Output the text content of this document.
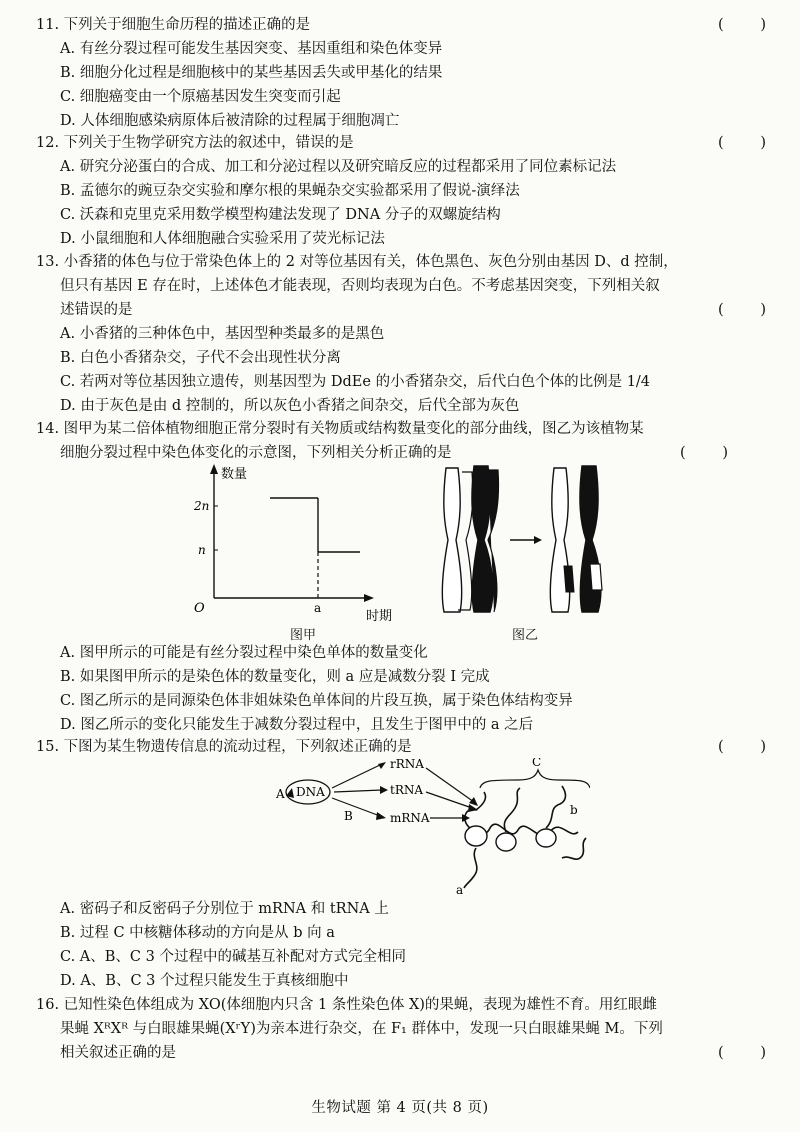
11. 下列关于细胞生命历程的描述正确的是
( )
A. 有丝分裂过程可能发生基因突变、基因重组和染色体变异
B. 细胞分化过程是细胞核中的某些基因丢失或甲基化的结果
C. 细胞癌变由一个原癌基因发生突变而引起
D. 人体细胞感染病原体后被清除的过程属于细胞凋亡
12. 下列关于生物学研究方法的叙述中，错误的是
( )
A. 研究分泌蛋白的合成、加工和分泌过程以及研究暗反应的过程都采用了同位素标记法
B. 孟德尔的豌豆杂交实验和摩尔根的果蝇杂交实验都采用了假说-演绎法
C. 沃森和克里克采用数学模型构建法发现了 DNA 分子的双螺旋结构
D. 小鼠细胞和人体细胞融合实验采用了荧光标记法
13. 小香猪的体色与位于常染色体上的 2 对等位基因有关，体色黑色、灰色分别由基因 D、d 控制，
但只有基因 E 存在时，上述体色才能表现，否则均表现为白色。不考虑基因突变，下列相关叙
述错误的是
( )
A. 小香猪的三种体色中，基因型种类最多的是黑色
B. 白色小香猪杂交，子代不会出现性状分离
C. 若两对等位基因独立遗传，则基因型为 DdEe 的小香猪杂交，后代白色个体的比例是 1/4
D. 由于灰色是由 d 控制的，所以灰色小香猪之间杂交，后代全部为灰色
14. 图甲为某二倍体植物细胞正常分裂时有关物质或结构数量变化的部分曲线，图乙为该植物某
细胞分裂过程中染色体变化的示意图，下列相关分析正确的是
( )
数量
时期
O
2n
n
a
图甲	图乙
A. 图甲所示的可能是有丝分裂过程中染色单体的数量变化
B. 如果图甲所示的是染色体的数量变化，则 a 应是减数分裂 Ⅰ 完成
C. 图乙所示的是同源染色体非姐妹染色单体间的片段互换，属于染色体结构变异
D. 图乙所示的变化只能发生于减数分裂过程中，且发生于图甲中的 a 之后
15. 下图为某生物遗传信息的流动过程，下列叙述正确的是
( )
A DNA
B
rRNA
tRNA
mRNA
C
a
b
A. 密码子和反密码子分别位于 mRNA 和 tRNA 上
B. 过程 C 中核糖体移动的方向是从 b 向 a
C. A、B、C 3 个过程中的碱基互补配对方式完全相同
D. A、B、C 3 个过程只能发生于真核细胞中
16. 已知性染色体组成为 XO(体细胞内只含 1 条性染色体 X)的果蝇，表现为雄性不育。用红眼雌
果蝇 XᴿXᴿ 与白眼雄果蝇(XʳY)为亲本进行杂交，在 F₁ 群体中，发现一只白眼雄果蝇 M。下列
相关叙述正确的是
( )
生物试题 第 4 页(共 8 页)
